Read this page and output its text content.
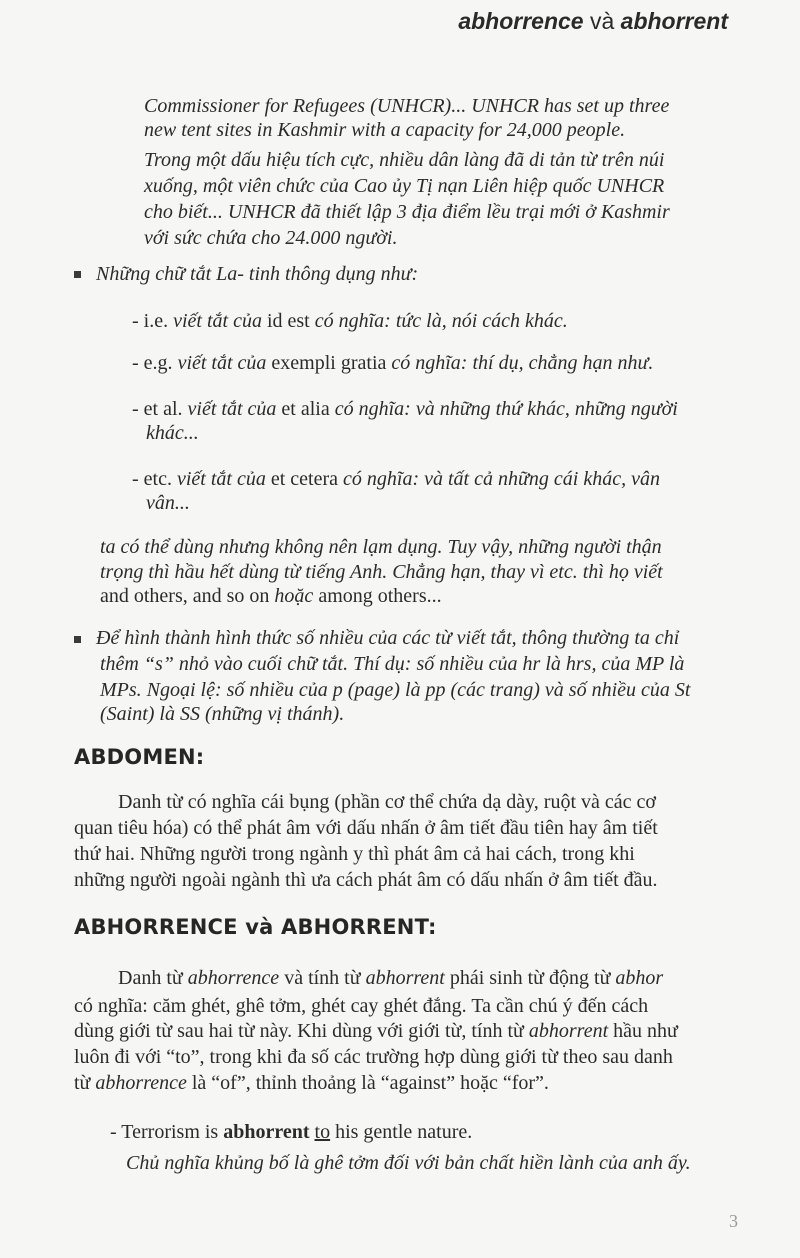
abhorrence và abhorrent
Commissioner for Refugees (UNHCR)... UNHCR has set up three
new tent sites in Kashmir with a capacity for 24,000 people.
Trong một dấu hiệu tích cực, nhiều dân làng đã di tản từ trên núi
xuống, một viên chức của Cao ủy Tị nạn Liên hiệp quốc UNHCR
cho biết... UNHCR đã thiết lập 3 địa điểm lều trại mới ở Kashmir
với sức chứa cho 24.000 người.
Những chữ tắt La- tinh thông dụng như:
- i.e. viết tắt của id est có nghĩa: tức là, nói cách khác.
- e.g. viết tắt của exempli gratia có nghĩa: thí dụ, chẳng hạn như.
- et al. viết tắt của et alia có nghĩa: và những thứ khác, những người
khác...
- etc. viết tắt của et cetera có nghĩa: và tất cả những cái khác, vân
vân...
ta có thể dùng nhưng không nên lạm dụng. Tuy vậy, những người thận
trọng thì hầu hết dùng từ tiếng Anh. Chẳng hạn, thay vì etc. thì họ viết
and others, and so on hoặc among others...
Để hình thành hình thức số nhiều của các từ viết tắt, thông thường ta chỉ
thêm “s” nhỏ vào cuối chữ tắt. Thí dụ: số nhiều của hr là hrs, của MP là
MPs. Ngoại lệ: số nhiều của p (page) là pp (các trang) và số nhiều của St
(Saint) là SS (những vị thánh).
ABDOMEN:
Danh từ có nghĩa cái bụng (phần cơ thể chứa dạ dày, ruột và các cơ
quan tiêu hóa) có thể phát âm với dấu nhấn ở âm tiết đầu tiên hay âm tiết
thứ hai. Những người trong ngành y thì phát âm cả hai cách, trong khi
những người ngoài ngành thì ưa cách phát âm có dấu nhấn ở âm tiết đầu.
ABHORRENCE và ABHORRENT:
Danh từ abhorrence và tính từ abhorrent phái sinh từ động từ abhor
có nghĩa: căm ghét, ghê tởm, ghét cay ghét đắng. Ta cần chú ý đến cách
dùng giới từ sau hai từ này. Khi dùng với giới từ, tính từ abhorrent hầu như
luôn đi với “to”, trong khi đa số các trường hợp dùng giới từ theo sau danh
từ abhorrence là “of”, thỉnh thoảng là “against” hoặc “for”.
- Terrorism is abhorrent to his gentle nature.
Chủ nghĩa khủng bố là ghê tởm đối với bản chất hiền lành của anh ấy.
3
